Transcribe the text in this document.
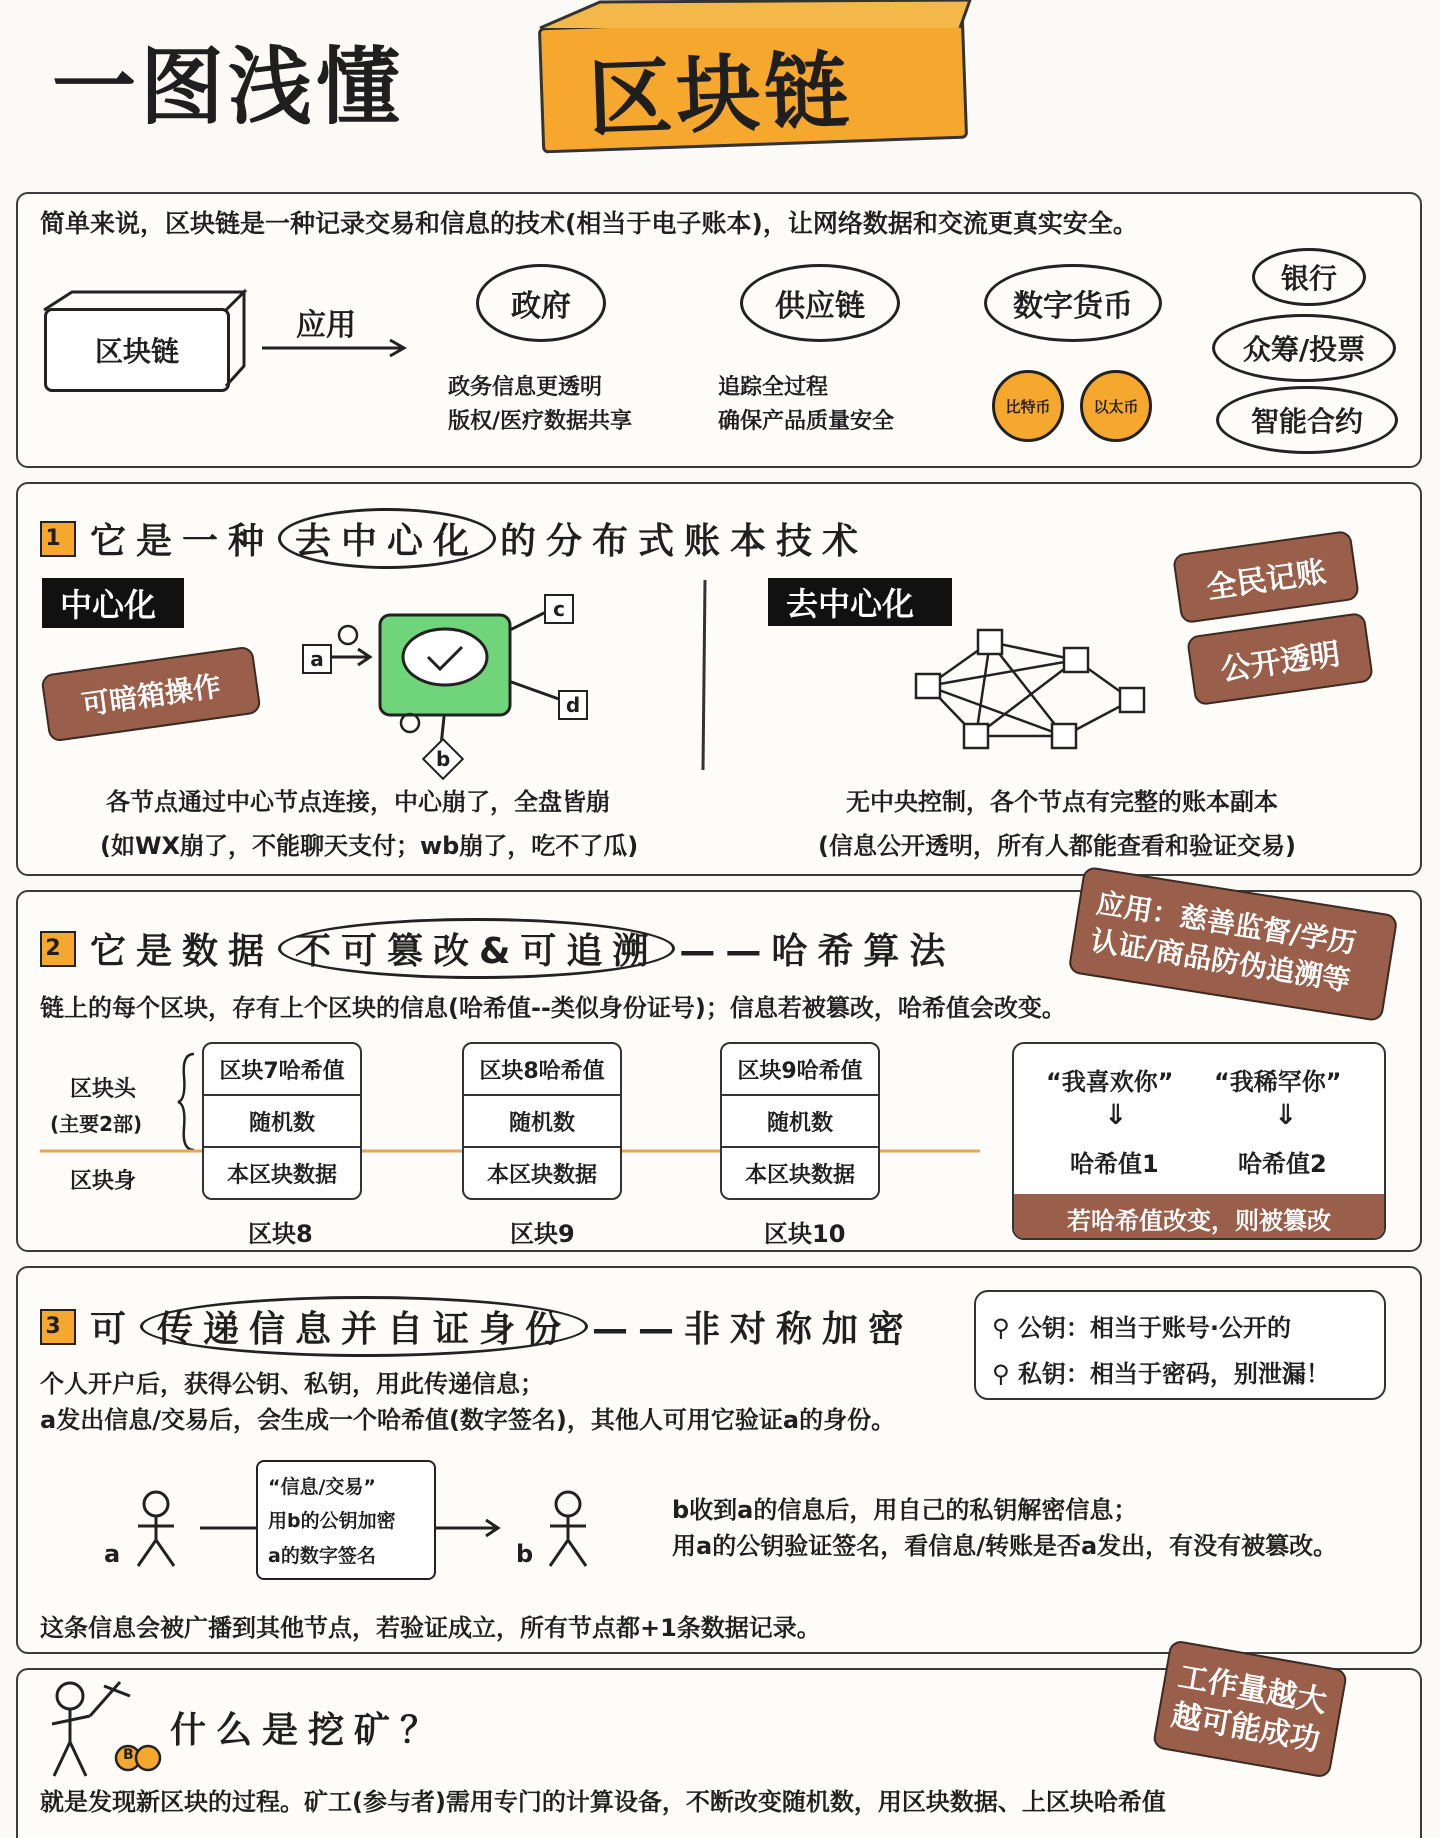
一图浅懂 区块链
简单来说，区块链是一种记录交易和信息的技术(相当于电子账本)，让网络数据和交流更真实安全。
区块链
应用
政府
政务信息更透明
版权/医疗数据共享
供应链
追踪全过程
确保产品质量安全
数字货币
比特币	以太币
银行
众筹/投票
智能合约
1 它是一种 去中心化 的分布式账本技术
中心化
可暗箱操作
a
b
c
d
各节点通过中心节点连接，中心崩了，全盘皆崩
(如WX崩了，不能聊天支付；wb崩了，吃不了瓜)
去中心化	全民记账
公开透明
无中央控制，各个节点有完整的账本副本
(信息公开透明，所有人都能查看和验证交易)
2 它是数据 不可篡改&可追溯 ——哈希算法	应用：慈善监督/学历认证/商品防伪追溯等
链上的每个区块，存有上个区块的信息(哈希值--类似身份证号)；信息若被篡改，哈希值会改变。
区块头
(主要2部)
区块身
区块7哈希值
随机数
本区块数据
区块8
区块8哈希值
随机数
本区块数据
区块9
区块9哈希值
随机数
本区块数据
区块10
“我喜欢你” “我稀罕你”
⇓	⇓
哈希值1	哈希值2
若哈希值改变，则被篡改
3 可 传递信息并自证身份 ——非对称加密	⚲ 公钥：相当于账号·公开的
⚲ 私钥：相当于密码，别泄漏！
个人开户后，获得公钥、私钥，用此传递信息；
a发出信息/交易后，会生成一个哈希值(数字签名)，其他人可用它验证a的身份。
a
“信息/交易”
用b的公钥加密
a的数字签名	b
b收到a的信息后，用自己的私钥解密信息；
用a的公钥验证签名，看信息/转账是否a发出，有没有被篡改。
这条信息会被广播到其他节点，若验证成立，所有节点都+1条数据记录。
B
什么是挖矿？
工作量越大 越可能成功
就是发现新区块的过程。矿工(参与者)需用专门的计算设备，不断改变随机数，用区块数据、上区块哈希值
